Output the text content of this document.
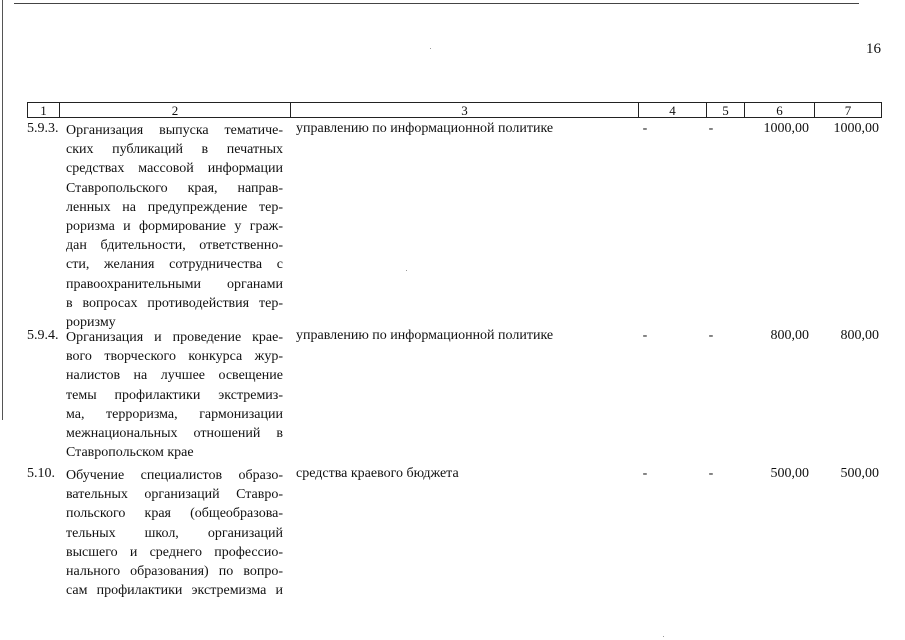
16
1	2	3	4	5	6	7
5.9.3. Организация выпуска тематиче-
ских публикаций в печатных
средствах массовой информации
Ставропольского края, направ-
ленных на предупреждение тер-
роризма и формирование у граж-
дан бдительности, ответственно-
сти, желания сотрудничества с
правоохранительными органами
в вопросах противодействия тер-
роризму
управлению по информационной политике	-	-	1000,00	1000,00
5.9.4. Организация и проведение крае-
вого творческого конкурса жур-
налистов на лучшее освещение
темы профилактики экстремиз-
ма, терроризма, гармонизации
межнациональных отношений в
Ставропольском крае
управлению по информационной политике	-	-	800,00	800,00
5.10. Обучение специалистов образо-
вательных организаций Ставро-
польского края (общеобразова-
тельных школ, организаций
высшего и среднего профессио-
нального образования) по вопро-
сам профилактики экстремизма и
средства краевого бюджета	-	-	500,00	500,00
